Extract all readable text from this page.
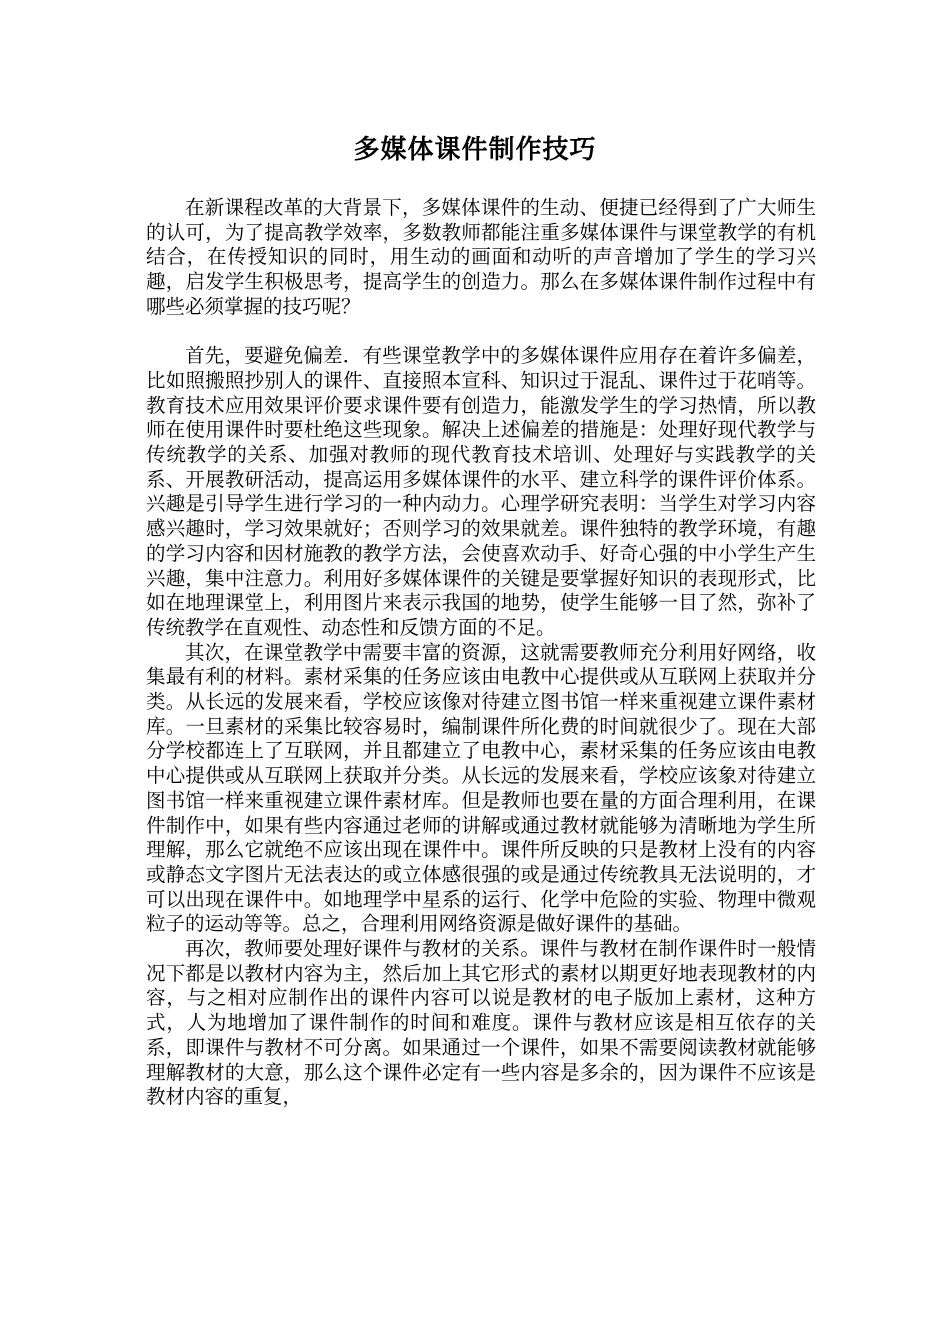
多媒体课件制作技巧

在新课程改革的大背景下，多媒体课件的生动、便捷已经得到了广大师生的认可，为了提高教学效率，多数教师都能注重多媒体课件与课堂教学的有机结合，在传授知识的同时，用生动的画面和动听的声音增加了学生的学习兴趣，启发学生积极思考，提高学生的创造力。那么在多媒体课件制作过程中有哪些必须掌握的技巧呢？

首先，要避免偏差．有些课堂教学中的多媒体课件应用存在着许多偏差，比如照搬照抄别人的课件、直接照本宣科、知识过于混乱、课件过于花哨等。教育技术应用效果评价要求课件要有创造力，能激发学生的学习热情，所以教师在使用课件时要杜绝这些现象。解决上述偏差的措施是：处理好现代教学与传统教学的关系、加强对教师的现代教育技术培训、处理好与实践教学的关系、开展教研活动，提高运用多媒体课件的水平、建立科学的课件评价体系。兴趣是引导学生进行学习的一种内动力。心理学研究表明：当学生对学习内容感兴趣时，学习效果就好；否则学习的效果就差。课件独特的教学环境，有趣的学习内容和因材施教的教学方法，会使喜欢动手、好奇心强的中小学生产生兴趣，集中注意力。利用好多媒体课件的关键是要掌握好知识的表现形式，比如在地理课堂上，利用图片来表示我国的地势，使学生能够一目了然，弥补了传统教学在直观性、动态性和反馈方面的不足。

其次，在课堂教学中需要丰富的资源，这就需要教师充分利用好网络，收集最有利的材料。素材采集的任务应该由电教中心提供或从互联网上获取并分类。从长远的发展来看，学校应该像对待建立图书馆一样来重视建立课件素材库。一旦素材的采集比较容易时，编制课件所化费的时间就很少了。现在大部分学校都连上了互联网，并且都建立了电教中心，素材采集的任务应该由电教中心提供或从互联网上获取并分类。从长远的发展来看，学校应该象对待建立图书馆一样来重视建立课件素材库。但是教师也要在量的方面合理利用，在课件制作中，如果有些内容通过老师的讲解或通过教材就能够为清晰地为学生所理解，那么它就绝不应该出现在课件中。课件所反映的只是教材上没有的内容或静态文字图片无法表达的或立体感很强的或是通过传统教具无法说明的，才可以出现在课件中。如地理学中星系的运行、化学中危险的实验、物理中微观粒子的运动等等。总之，合理利用网络资源是做好课件的基础。

再次，教师要处理好课件与教材的关系。课件与教材在制作课件时一般情况下都是以教材内容为主，然后加上其它形式的素材以期更好地表现教材的内容，与之相对应制作出的课件内容可以说是教材的电子版加上素材，这种方式，人为地增加了课件制作的时间和难度。课件与教材应该是相互依存的关系，即课件与教材不可分离。如果通过一个课件，如果不需要阅读教材就能够理解教材的大意，那么这个课件必定有一些内容是多余的，因为课件不应该是教材内容的重复，
